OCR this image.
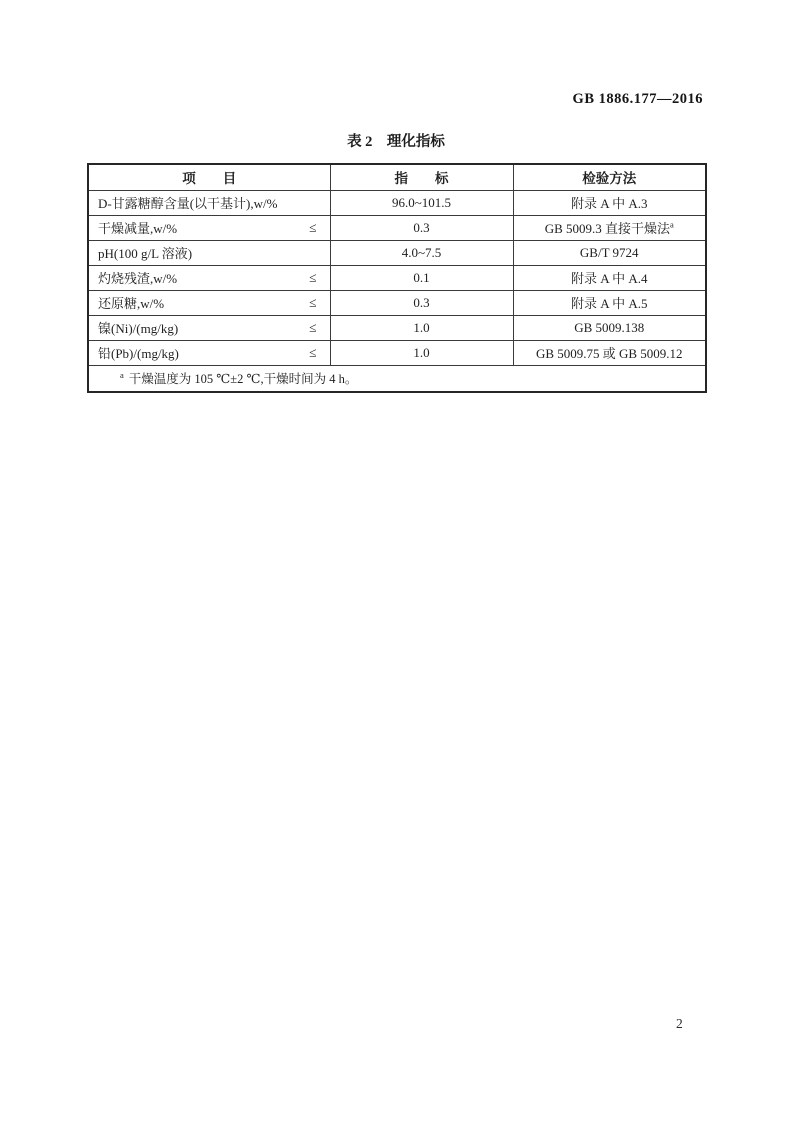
GB 1886.177—2016
表 2　理化指标
项　　目	指　　标	检验方法

D-甘露糖醇含量(以干基计),w/%	96.0~101.5	附录 A 中 A.3

干燥减量,w/% ≤	0.3	GB 5009.3 直接干燥法$^a$

pH(100 g/L 溶液)	4.0~7.5	GB/T 9724

灼烧残渣,w/% ≤	0.1	附录 A 中 A.4

还原糖,w/% ≤	0.3	附录 A 中 A.5

镍(Ni)/(mg/kg) ≤	1.0	GB 5009.138

铅(Pb)/(mg/kg) ≤	1.0	GB 5009.75 或 GB 5009.12
$^a$ 干燥温度为 105 ℃±2 ℃,干燥时间为 4 h。		
2
